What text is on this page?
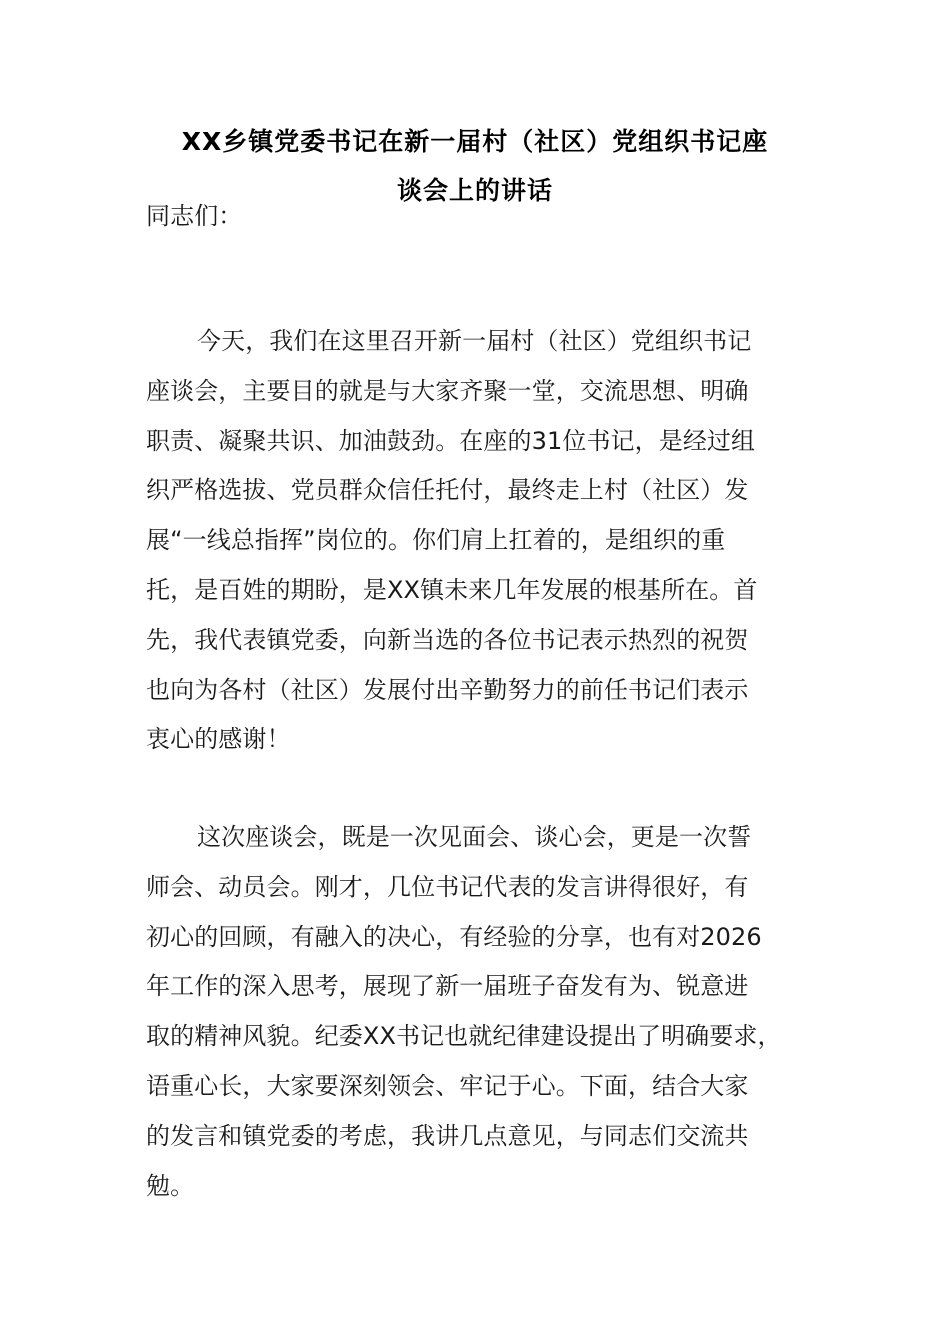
XX乡镇党委书记在新一届村（社区）党组织书记座
谈会上的讲话
同志们：
今天，我们在这里召开新一届村（社区）党组织书记
座谈会，主要目的就是与大家齐聚一堂，交流思想、明确
职责、凝聚共识、加油鼓劲。在座的31位书记，是经过组
织严格选拔、党员群众信任托付，最终走上村（社区）发
展“一线总指挥”岗位的。你们肩上扛着的，是组织的重
托，是百姓的期盼，是XX镇未来几年发展的根基所在。首
先，我代表镇党委，向新当选的各位书记表示热烈的祝贺
也向为各村（社区）发展付出辛勤努力的前任书记们表示
衷心的感谢！
这次座谈会，既是一次见面会、谈心会，更是一次誓
师会、动员会。刚才，几位书记代表的发言讲得很好，有
初心的回顾，有融入的决心，有经验的分享，也有对2026
年工作的深入思考，展现了新一届班子奋发有为、锐意进
取的精神风貌。纪委XX书记也就纪律建设提出了明确要求，
语重心长，大家要深刻领会、牢记于心。下面，结合大家
的发言和镇党委的考虑，我讲几点意见，与同志们交流共
勉。
